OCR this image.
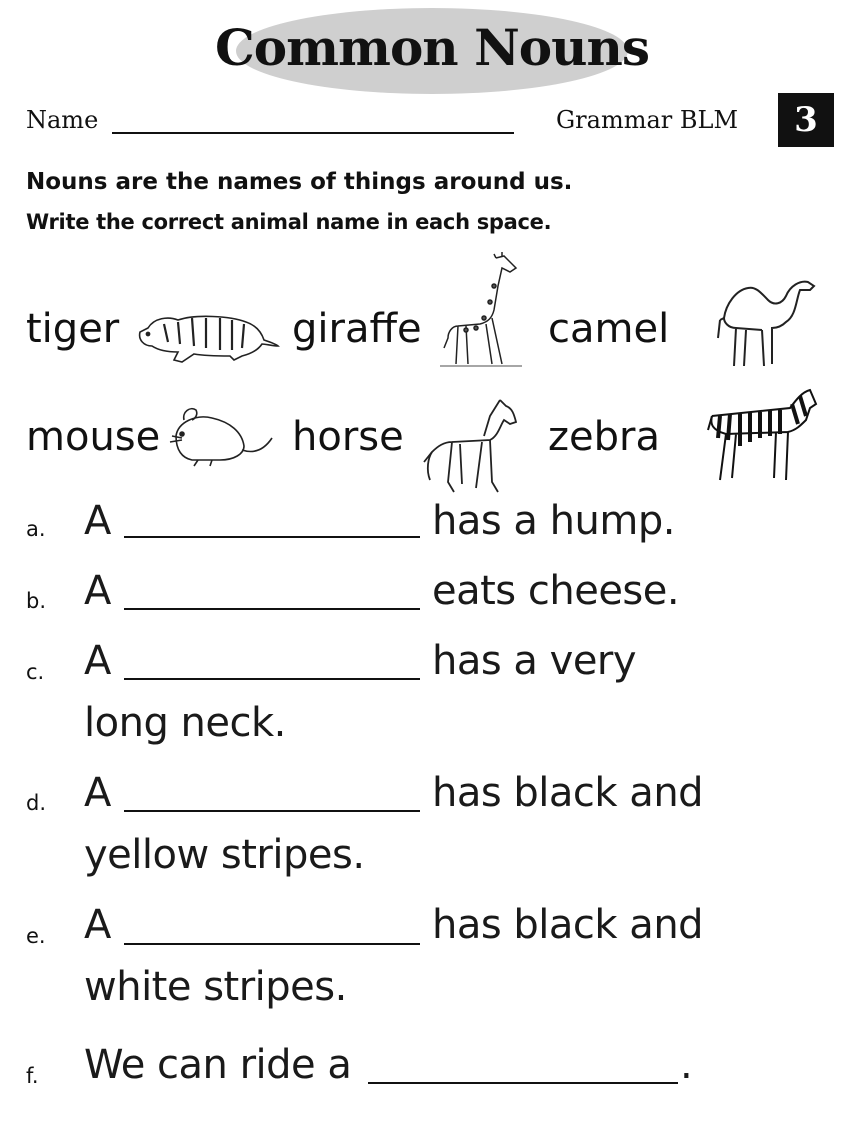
Common Nouns
Name	Grammar BLM	3
Nouns are the names of things around us.
Write the correct animal name in each space.
tiger	giraffe	camel
mouse	horse	zebra
a. A	has a hump.
b. A	eats cheese.
c. A	has a very
long neck.
d. A	has black and
yellow stripes.
e. A	has black and
white stripes.
f. We can ride a	.
